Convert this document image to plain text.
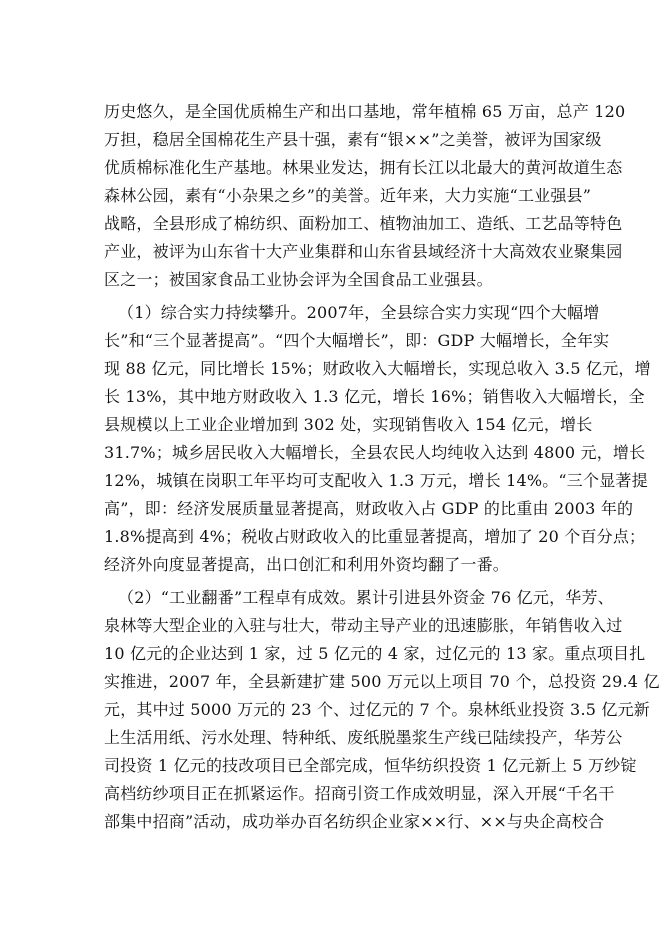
历史悠久，是全国优质棉生产和出口基地，常年植棉 65 万亩，总产 120
万担，稳居全国棉花生产县十强，素有“银××”之美誉，被评为国家级
优质棉标准化生产基地。林果业发达，拥有长江以北最大的黄河故道生态
森林公园，素有“小杂果之乡”的美誉。近年来，大力实施“工业强县”
战略，全县形成了棉纺织、面粉加工、植物油加工、造纸、工艺品等特色
产业，被评为山东省十大产业集群和山东省县域经济十大高效农业聚集园
区之一；被国家食品工业协会评为全国食品工业强县。
（1）综合实力持续攀升。2007年，全县综合实力实现“四个大幅增
长”和“三个显著提高”。“四个大幅增长”，即：GDP 大幅增长，全年实
现 88 亿元，同比增长 15%；财政收入大幅增长，实现总收入 3.5 亿元，增
长 13%，其中地方财政收入 1.3 亿元，增长 16%；销售收入大幅增长，全
县规模以上工业企业增加到 302 处，实现销售收入 154 亿元，增长
31.7%；城乡居民收入大幅增长，全县农民人均纯收入达到 4800 元，增长
12%，城镇在岗职工年平均可支配收入 1.3 万元，增长 14%。“三个显著提
高”，即：经济发展质量显著提高，财政收入占 GDP 的比重由 2003 年的
1.8%提高到 4%；税收占财政收入的比重显著提高，增加了 20 个百分点；
经济外向度显著提高，出口创汇和利用外资均翻了一番。
（2）“工业翻番”工程卓有成效。累计引进县外资金 76 亿元，华芳、
泉林等大型企业的入驻与壮大，带动主导产业的迅速膨胀，年销售收入过
10 亿元的企业达到 1 家，过 5 亿元的 4 家，过亿元的 13 家。重点项目扎
实推进，2007 年，全县新建扩建 500 万元以上项目 70 个，总投资 29.4 亿
元，其中过 5000 万元的 23 个、过亿元的 7 个。泉林纸业投资 3.5 亿元新
上生活用纸、污水处理、特种纸、废纸脱墨浆生产线已陆续投产，华芳公
司投资 1 亿元的技改项目已全部完成，恒华纺织投资 1 亿元新上 5 万纱锭
高档纺纱项目正在抓紧运作。招商引资工作成效明显，深入开展“千名干
部集中招商”活动，成功举办百名纺织企业家××行、××与央企高校合
